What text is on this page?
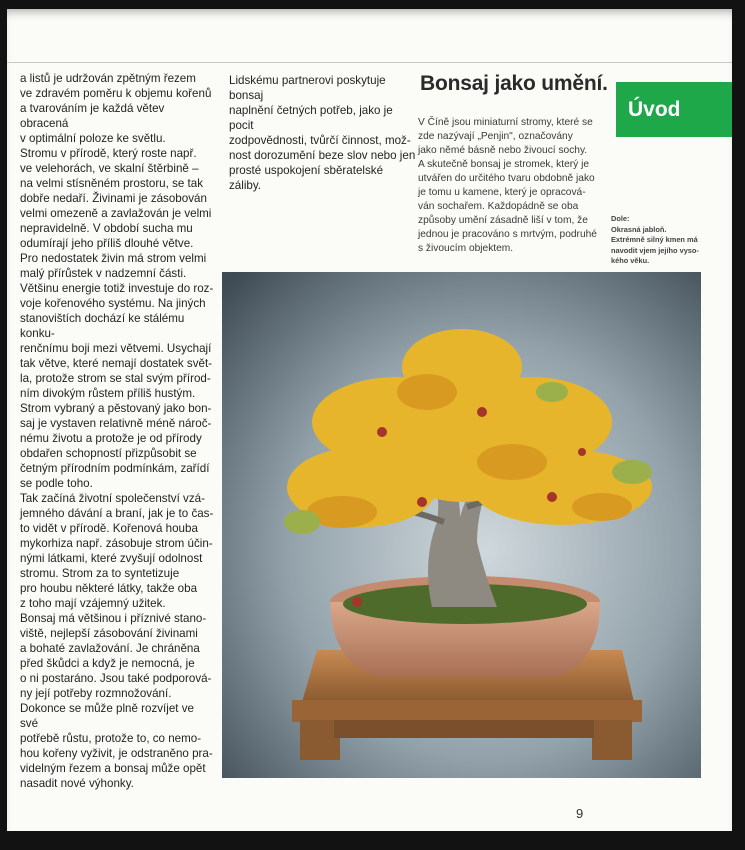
a listů je udržován zpětným řezem
ve zdravém poměru k objemu kořenů
a tvarováním je každá větev obracená
v optimální poloze ke světlu.

Stromu v přírodě, který roste např.
ve velehorách, ve skalní štěrbině –
na velmi stísněném prostoru, se tak
dobře nedaří. Živinami je zásobován
velmi omezeně a zavlažován je velmi
nepravidelně. V období sucha mu
odumírají jeho příliš dlouhé větve.

Pro nedostatek živin má strom velmi
malý přírůstek v nadzemní části.
Většinu energie totiž investuje do roz-
voje kořenového systému. Na jiných
stanovištích dochází ke stálému konku-
renčnímu boji mezi větvemi. Usychají
tak větve, které nemají dostatek svět-
la, protože strom se stal svým přírod-
ním divokým růstem příliš hustým.

Strom vybraný a pěstovaný jako bon-
saj je vystaven relativně méně nároč-
nému životu a protože je od přírody
obdařen schopností přizpůsobit se
četným přírodním podmínkám, zařídí
se podle toho.

Tak začíná životní společenství vzá-
jemného dávání a braní, jak je to čas-
to vidět v přírodě. Kořenová houba
mykorhiza např. zásobuje strom účin-
nými látkami, které zvyšují odolnost
stromu. Strom za to syntetizuje
pro houbu některé látky, takže oba
z toho mají vzájemný užitek.

Bonsaj má většinou i příznivé stano-
viště, nejlepší zásobování živinami
a bohaté zavlažování. Je chráněna
před škůdci a když je nemocná, je
o ni postaráno. Jsou také podporová-
ny její potřeby rozmnožování.
Dokonce se může plně rozvíjet ve své
potřebě růstu, protože to, co nemo-
hou kořeny vyživit, je odstraněno pra-
videlným řezem a bonsaj může opět
nasadit nové výhonky.

Lidskému partnerovi poskytuje bonsaj
naplnění četných potřeb, jako je pocit
zodpovědnosti, tvůrčí činnost, mož-
nost dorozumění beze slov nebo jen
prosté uspokojení sběratelské
záliby.
Bonsaj jako umění.
V Číně jsou miniaturní stromy, které se
zde nazývají „Penjin", označovány
jako němé básně nebo živoucí sochy.
A skutečně bonsaj je stromek, který je
utvářen do určitého tvaru obdobně jako
je tomu u kamene, který je opracová-
ván sochařem. Každopádně se oba
způsoby umění zásadně liší v tom, že
jednou je pracováno s mrtvým, podruhé
s živoucím objektem.
Úvod
Dole:
Okrasná jabloň.
Extrémně silný kmen má
navodit vjem jejího vyso-
kého věku.
9
